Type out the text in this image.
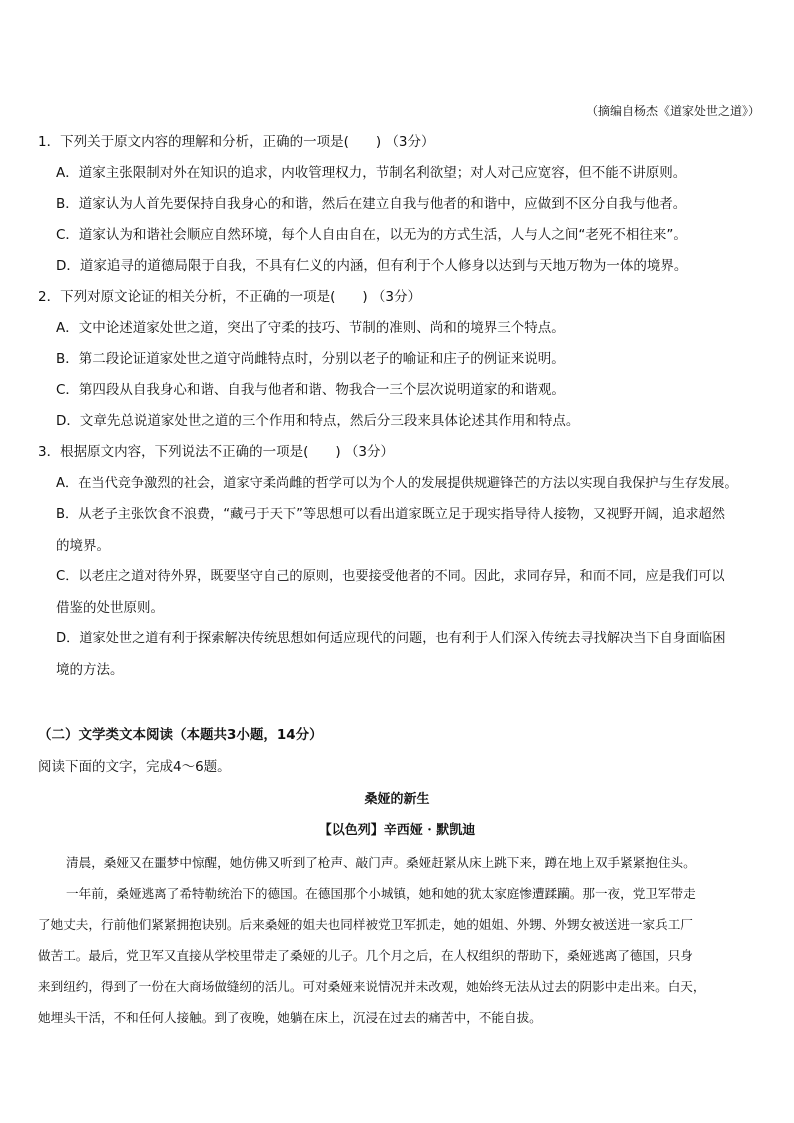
（摘编自杨杰《道家处世之道》）
1．下列关于原文内容的理解和分析，正确的一项是(　　) （3分）
A．道家主张限制对外在知识的追求，内收管理权力，节制名利欲望；对人对己应宽容，但不能不讲原则。
B．道家认为人首先要保持自我身心的和谐，然后在建立自我与他者的和谐中，应做到不区分自我与他者。
C．道家认为和谐社会顺应自然环境，每个人自由自在，以无为的方式生活，人与人之间“老死不相往来”。
D．道家追寻的道德局限于自我，不具有仁义的内涵，但有利于个人修身以达到与天地万物为一体的境界。
2．下列对原文论证的相关分析，不正确的一项是(　　) （3分）
A．文中论述道家处世之道，突出了守柔的技巧、节制的准则、尚和的境界三个特点。
B．第二段论证道家处世之道守尚雌特点时，分别以老子的喻证和庄子的例证来说明。
C．第四段从自我身心和谐、自我与他者和谐、物我合一三个层次说明道家的和谐观。
D．文章先总说道家处世之道的三个作用和特点，然后分三段来具体论述其作用和特点。
3．根据原文内容，下列说法不正确的一项是(　　) （3分）
A．在当代竞争激烈的社会，道家守柔尚雌的哲学可以为个人的发展提供规避锋芒的方法以实现自我保护与生存发展。
B．从老子主张饮食不浪费，“藏弓于天下”等思想可以看出道家既立足于现实指导待人接物，又视野开阔，追求超然
的境界。
C．以老庄之道对待外界，既要坚守自己的原则，也要接受他者的不同。因此，求同存异，和而不同，应是我们可以
借鉴的处世原则。
D．道家处世之道有利于探索解决传统思想如何适应现代的问题，也有利于人们深入传统去寻找解决当下自身面临困
境的方法。
（二）文学类文本阅读（本题共3小题，14分）
阅读下面的文字，完成4～6题。
桑娅的新生
【以色列】辛西娅 · 默凯迪
清晨，桑娅又在噩梦中惊醒，她仿佛又听到了枪声、敲门声。桑娅赶紧从床上跳下来，蹲在地上双手紧紧抱住头。
一年前，桑娅逃离了希特勒统治下的德国。在德国那个小城镇，她和她的犹太家庭惨遭蹂躏。那一夜，党卫军带走
了她丈夫，行前他们紧紧拥抱诀别。后来桑娅的姐夫也同样被党卫军抓走，她的姐姐、外甥、外甥女被送进一家兵工厂
做苦工。最后，党卫军又直接从学校里带走了桑娅的儿子。几个月之后，在人权组织的帮助下，桑娅逃离了德国，只身
来到纽约，得到了一份在大商场做缝纫的活儿。可对桑娅来说情况并未改观，她始终无法从过去的阴影中走出来。白天，
她埋头干活，不和任何人接触。到了夜晚，她躺在床上，沉浸在过去的痛苦中，不能自拔。
